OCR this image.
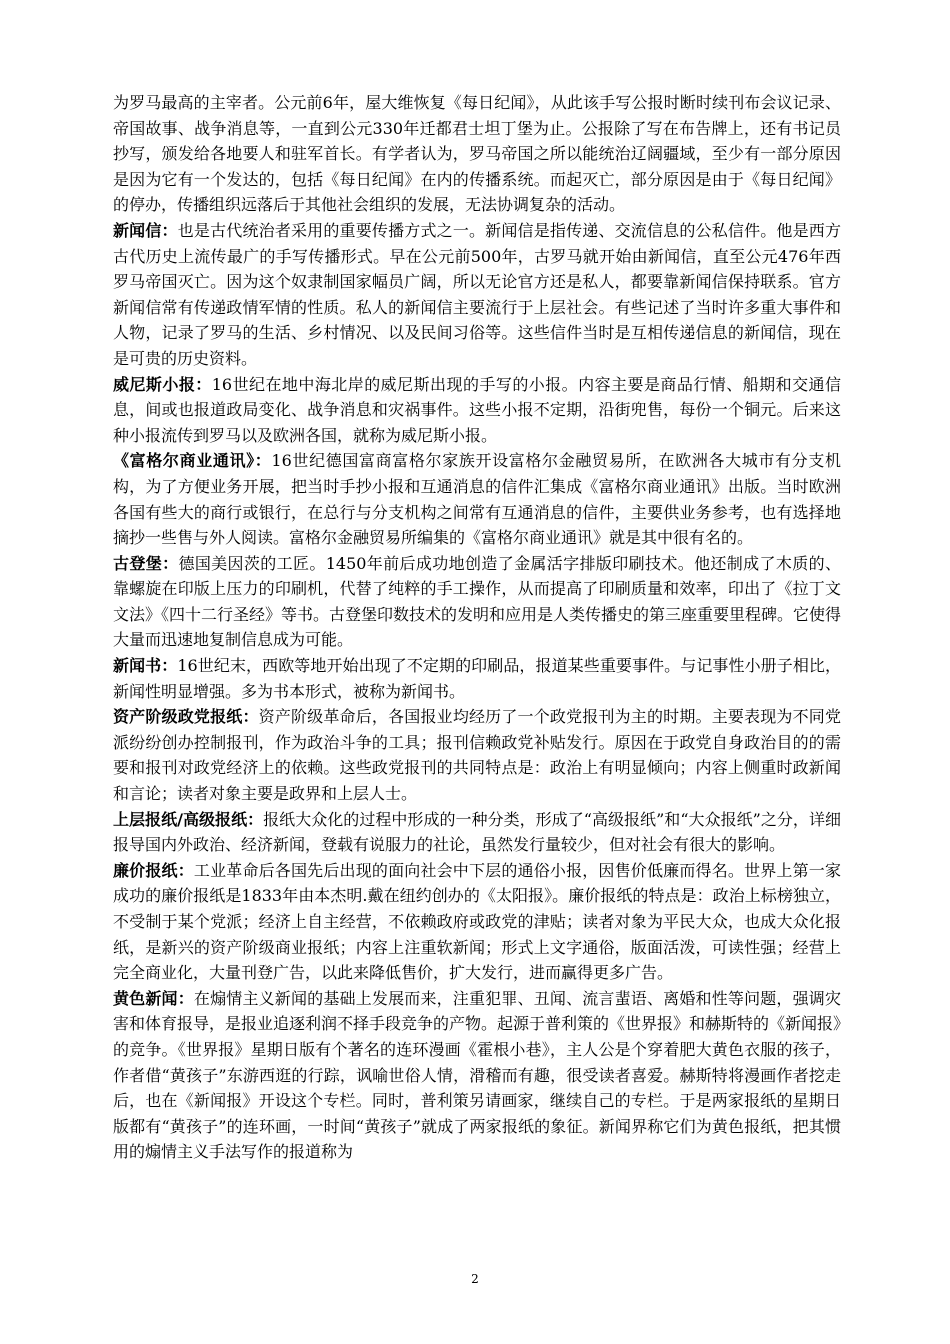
为罗马最高的主宰者。公元前6年，屋大维恢复《每日纪闻》，从此该手写公报时断时续刊布会议记录、帝国故事、战争消息等，一直到公元330年迁都君士坦丁堡为止。公报除了写在布告牌上，还有书记员抄写，颁发给各地要人和驻军首长。有学者认为，罗马帝国之所以能统治辽阔疆域，至少有一部分原因是因为它有一个发达的，包括《每日纪闻》在内的传播系统。而起灭亡，部分原因是由于《每日纪闻》的停办，传播组织远落后于其他社会组织的发展，无法协调复杂的活动。

新闻信：也是古代统治者采用的重要传播方式之一。新闻信是指传递、交流信息的公私信件。他是西方古代历史上流传最广的手写传播形式。早在公元前500年，古罗马就开始由新闻信，直至公元476年西罗马帝国灭亡。因为这个奴隶制国家幅员广阔，所以无论官方还是私人，都要靠新闻信保持联系。官方新闻信常有传递政情军情的性质。私人的新闻信主要流行于上层社会。有些记述了当时许多重大事件和人物，记录了罗马的生活、乡村情况、以及民间习俗等。这些信件当时是互相传递信息的新闻信，现在是可贵的历史资料。

威尼斯小报：16世纪在地中海北岸的威尼斯出现的手写的小报。内容主要是商品行情、船期和交通信息，间或也报道政局变化、战争消息和灾祸事件。这些小报不定期，沿街兜售，每份一个铜元。后来这种小报流传到罗马以及欧洲各国，就称为威尼斯小报。

《富格尔商业通讯》：16世纪德国富商富格尔家族开设富格尔金融贸易所，在欧洲各大城市有分支机构，为了方便业务开展，把当时手抄小报和互通消息的信件汇集成《富格尔商业通讯》出版。当时欧洲各国有些大的商行或银行，在总行与分支机构之间常有互通消息的信件，主要供业务参考，也有选择地摘抄一些售与外人阅读。富格尔金融贸易所编集的《富格尔商业通讯》就是其中很有名的。

古登堡：德国美因茨的工匠。1450年前后成功地创造了金属活字排版印刷技术。他还制成了木质的、靠螺旋在印版上压力的印刷机，代替了纯粹的手工操作，从而提高了印刷质量和效率，印出了《拉丁文文法》《四十二行圣经》等书。古登堡印数技术的发明和应用是人类传播史的第三座重要里程碑。它使得大量而迅速地复制信息成为可能。

新闻书：16世纪末，西欧等地开始出现了不定期的印刷品，报道某些重要事件。与记事性小册子相比，新闻性明显增强。多为书本形式，被称为新闻书。

资产阶级政党报纸：资产阶级革命后，各国报业均经历了一个政党报刊为主的时期。主要表现为不同党派纷纷创办控制报刊，作为政治斗争的工具；报刊信赖政党补贴发行。原因在于政党自身政治目的的需要和报刊对政党经济上的依赖。这些政党报刊的共同特点是：政治上有明显倾向；内容上侧重时政新闻和言论；读者对象主要是政界和上层人士。

上层报纸/高级报纸：报纸大众化的过程中形成的一种分类，形成了“高级报纸”和“大众报纸”之分，详细报导国内外政治、经济新闻，登载有说服力的社论，虽然发行量较少，但对社会有很大的影响。

廉价报纸：工业革命后各国先后出现的面向社会中下层的通俗小报，因售价低廉而得名。世界上第一家成功的廉价报纸是1833年由本杰明.戴在纽约创办的《太阳报》。廉价报纸的特点是：政治上标榜独立，不受制于某个党派；经济上自主经营，不依赖政府或政党的津贴；读者对象为平民大众，也成大众化报纸，是新兴的资产阶级商业报纸；内容上注重软新闻；形式上文字通俗，版面活泼，可读性强；经营上完全商业化，大量刊登广告，以此来降低售价，扩大发行，进而赢得更多广告。

黄色新闻：在煽情主义新闻的基础上发展而来，注重犯罪、丑闻、流言蜚语、离婚和性等问题，强调灾害和体育报导，是报业追逐利润不择手段竞争的产物。起源于普利策的《世界报》和赫斯特的《新闻报》的竞争。《世界报》星期日版有个著名的连环漫画《霍根小巷》，主人公是个穿着肥大黄色衣服的孩子，作者借“黄孩子”东游西逛的行踪，讽喻世俗人情，滑稽而有趣，很受读者喜爱。赫斯特将漫画作者挖走后，也在《新闻报》开设这个专栏。同时，普利策另请画家，继续自己的专栏。于是两家报纸的星期日版都有“黄孩子”的连环画，一时间“黄孩子”就成了两家报纸的象征。新闻界称它们为黄色报纸，把其惯用的煽情主义手法写作的报道称为

2
